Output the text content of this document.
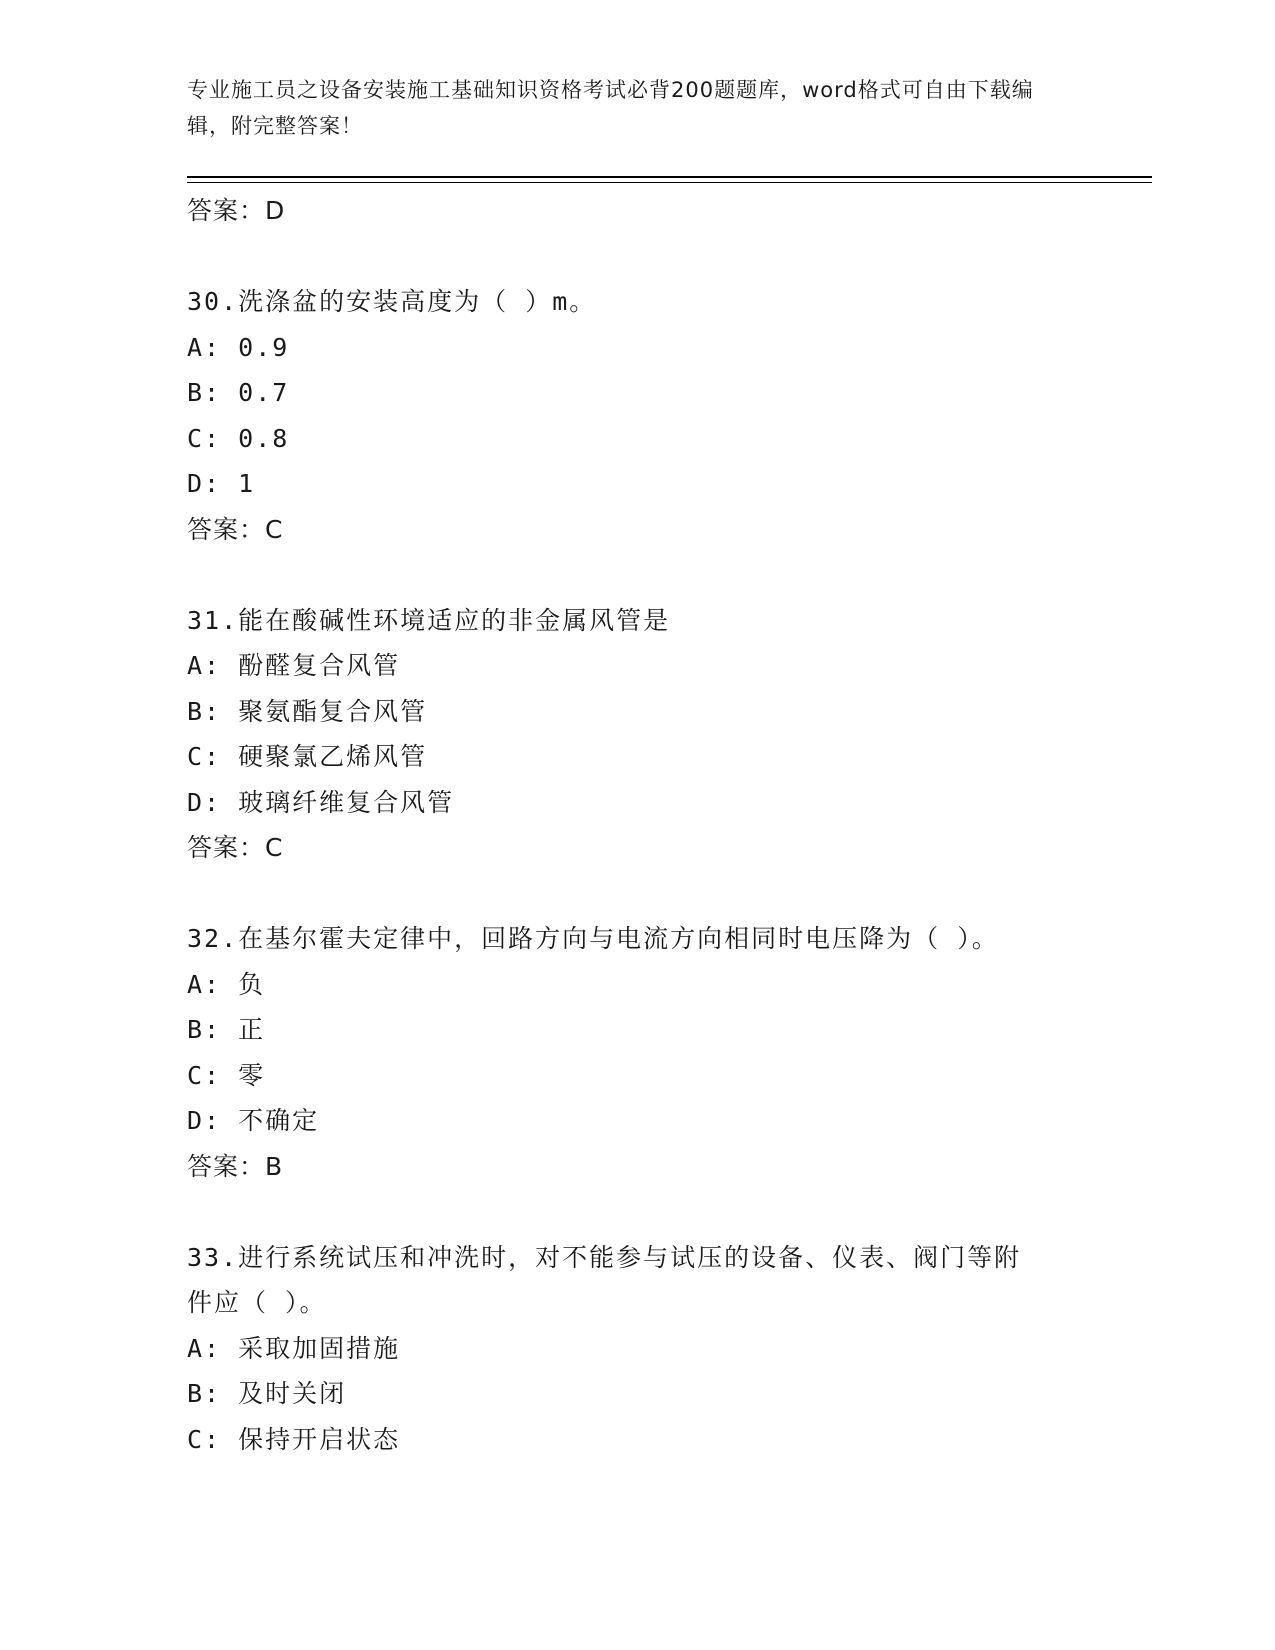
专业施工员之设备安装施工基础知识资格考试必背200题题库，word格式可自由下载编辑，附完整答案！
答案：D
30.洗涤盆的安装高度为（ ）m。
A: 0.9
B: 0.7
C: 0.8
D: 1
答案：C
31.能在酸碱性环境适应的非金属风管是
A: 酚醛复合风管
B: 聚氨酯复合风管
C: 硬聚氯乙烯风管
D: 玻璃纤维复合风管
答案：C
32.在基尔霍夫定律中，回路方向与电流方向相同时电压降为（ ）。
A: 负
B: 正
C: 零
D: 不确定
答案：B
33.进行系统试压和冲洗时，对不能参与试压的设备、仪表、阀门等附
件应（ ）。
A: 采取加固措施
B: 及时关闭
C: 保持开启状态
